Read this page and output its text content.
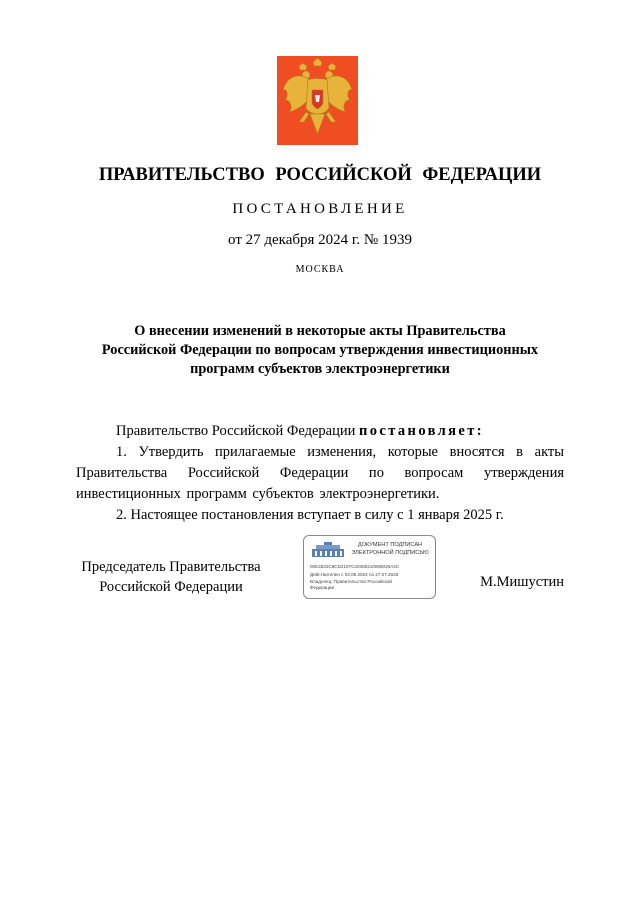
ПРАВИТЕЛЬСТВО РОССИЙСКОЙ ФЕДЕРАЦИИ
ПОСТАНОВЛЕНИЕ
от 27 декабря 2024 г. № 1939
МОСКВА
О внесении изменений в некоторые акты Правительства
Российской Федерации по вопросам утверждения инвестиционных
программ субъектов электроэнергетики

Правительство Российской Федерации постановляет:

1. Утвердить прилагаемые изменения, которые вносятся в акты Правительства Российской Федерации по вопросам утверждения инвестиционных программ субъектов электроэнергетики.

2. Настоящее постановления вступает в силу с 1 января 2025 г.

Председатель Правительства
Российской Федерации
ДОКУМЕНТ ПОДПИСАН
ЭЛЕКТРОННОЙ ПОДПИСЬЮ
00E3632C8CD2197C40369210066026A4C
Действителен с 03.05.2024 по 27.07.2025
Владелец: Правительство Российской
Федерации	М.Мишустин
